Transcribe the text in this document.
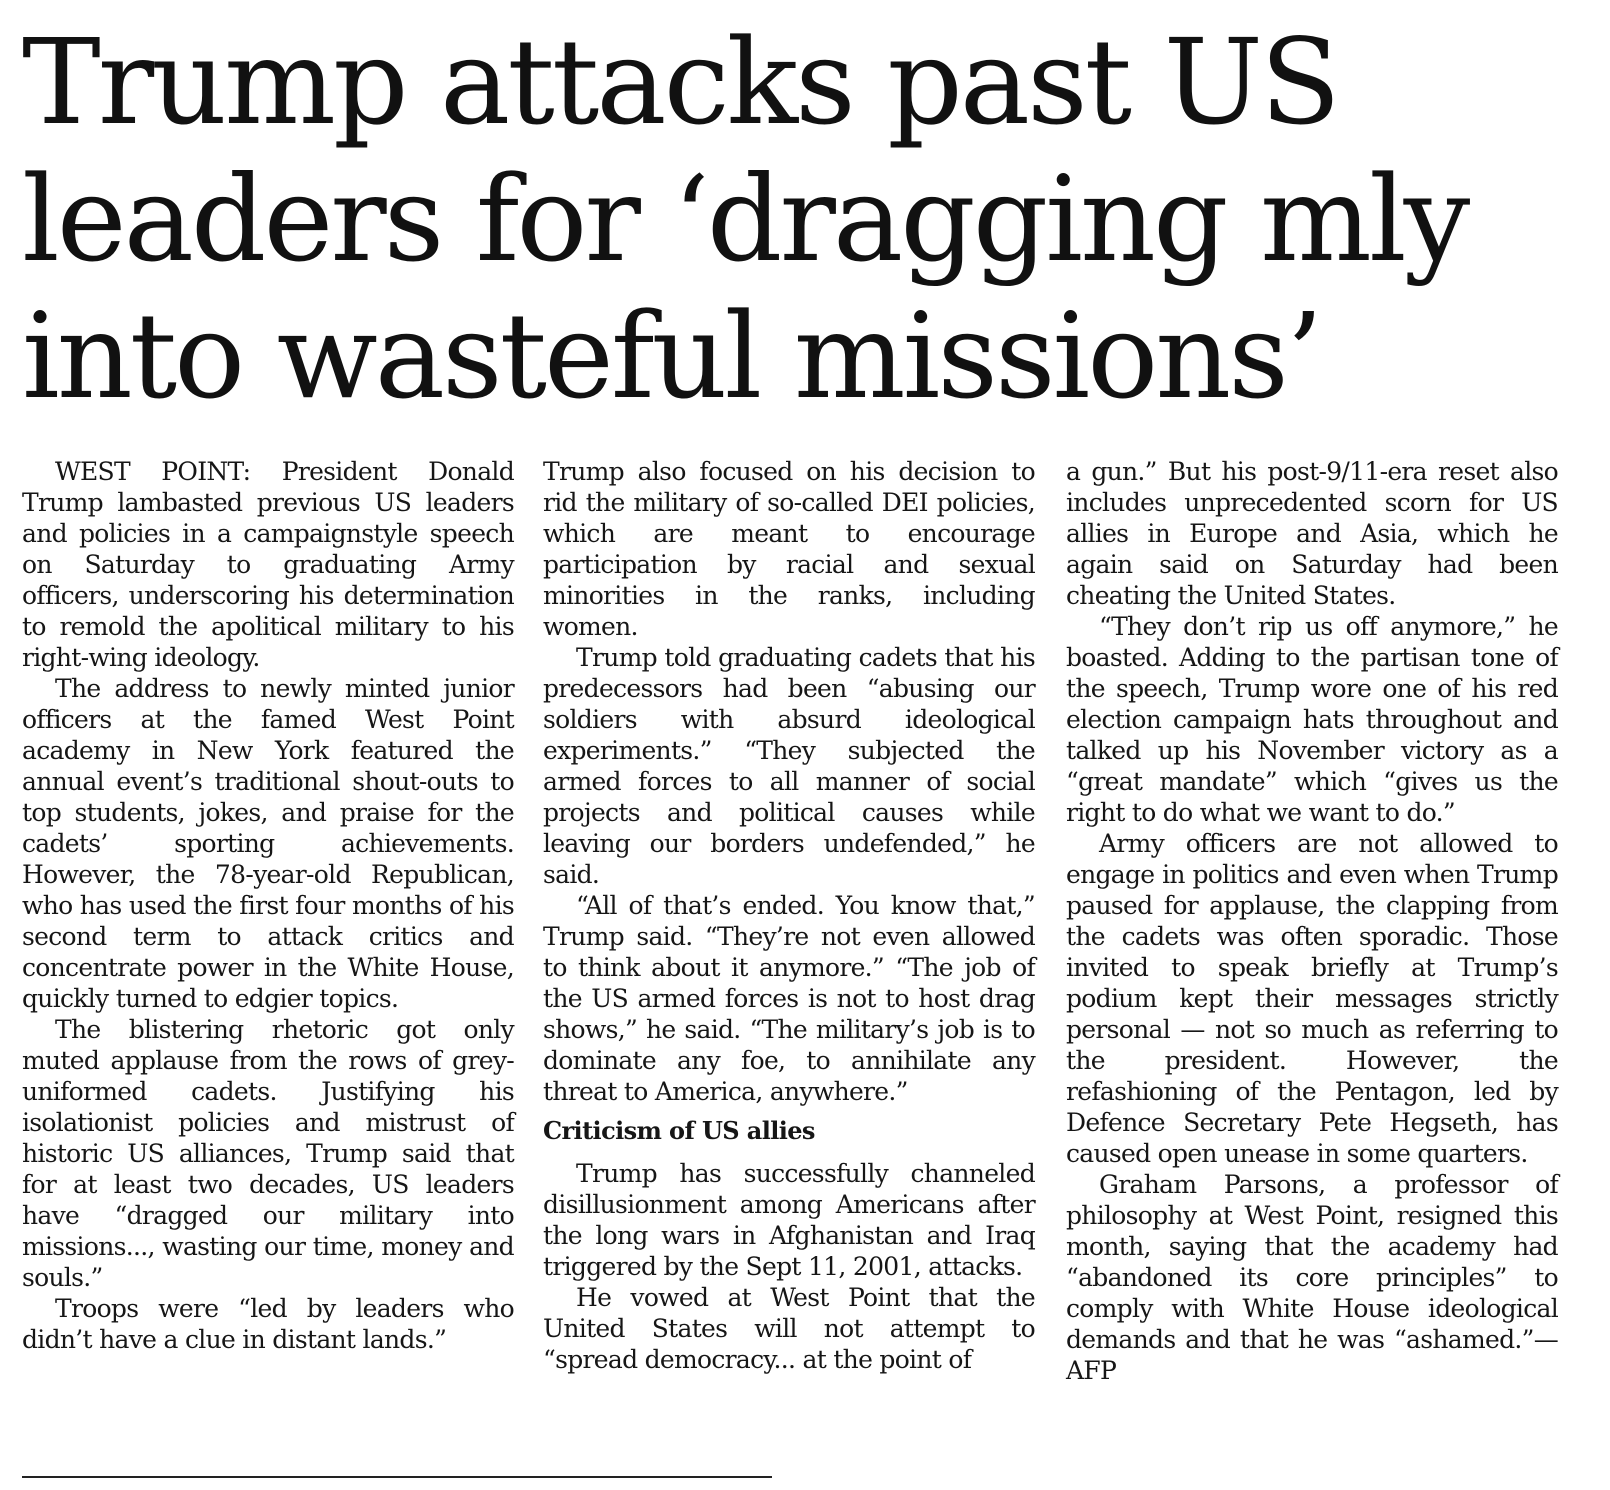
Trump attacks past US
leaders for ‘dragging mly
into wasteful missions’

WEST POINT: President Donald Trump lambasted previous US leaders and policies in a campaignstyle speech on Saturday to graduating Army officers, underscoring his determination to remold the apolitical military to his right-wing ideology.

The address to newly minted junior officers at the famed West Point academy in New York featured the annual event’s traditional shout-outs to top students, jokes, and praise for the cadets’ sporting achievements. However, the 78-year-old Republican, who has used the first four months of his second term to attack critics and concentrate power in the White House, quickly turned to edgier topics.

The blistering rhetoric got only muted applause from the rows of grey-uniformed cadets. Justifying his isolationist policies and mistrust of historic US alliances, Trump said that for at least two decades, US leaders have “dragged our military into missions..., wasting our time, money and souls.”

Troops were “led by leaders who didn’t have a clue in distant lands.”

Trump also focused on his decision to rid the military of so-called DEI policies, which are meant to encourage participation by racial and sexual minorities in the ranks, including women.

Trump told graduating cadets that his predecessors had been “abusing our soldiers with absurd ideological experiments.” “They subjected the armed forces to all manner of social projects and political causes while leaving our borders undefended,” he said.

“All of that’s ended. You know that,” Trump said. “They’re not even allowed to think about it anymore.” “The job of the US armed forces is not to host drag shows,” he said. “The military’s job is to dominate any foe, to annihilate any threat to America, anywhere.”

Criticism of US allies

Trump has successfully channeled disillusionment among Americans after the long wars in Afghanistan and Iraq triggered by the Sept 11, 2001, attacks.

He vowed at West Point that the United States will not attempt to “spread democracy... at the point of

a gun.” But his post-9/11-era reset also includes unprecedented scorn for US allies in Europe and Asia, which he again said on Saturday had been cheating the United States.

“They don’t rip us off anymore,” he boasted. Adding to the partisan tone of the speech, Trump wore one of his red election campaign hats throughout and talked up his November victory as a “great mandate” which “gives us the right to do what we want to do.”

Army officers are not allowed to engage in politics and even when Trump paused for applause, the clapping from the cadets was often sporadic. Those invited to speak briefly at Trump’s podium kept their messages strictly personal — not so much as referring to the president. However, the refashioning of the Pentagon, led by Defence Secretary Pete Hegseth, has caused open unease in some quarters.

Graham Parsons, a professor of philosophy at West Point, resigned this month, saying that the academy had “abandoned its core principles” to comply with White House ideological demands and that he was “ashamed.”—AFP
